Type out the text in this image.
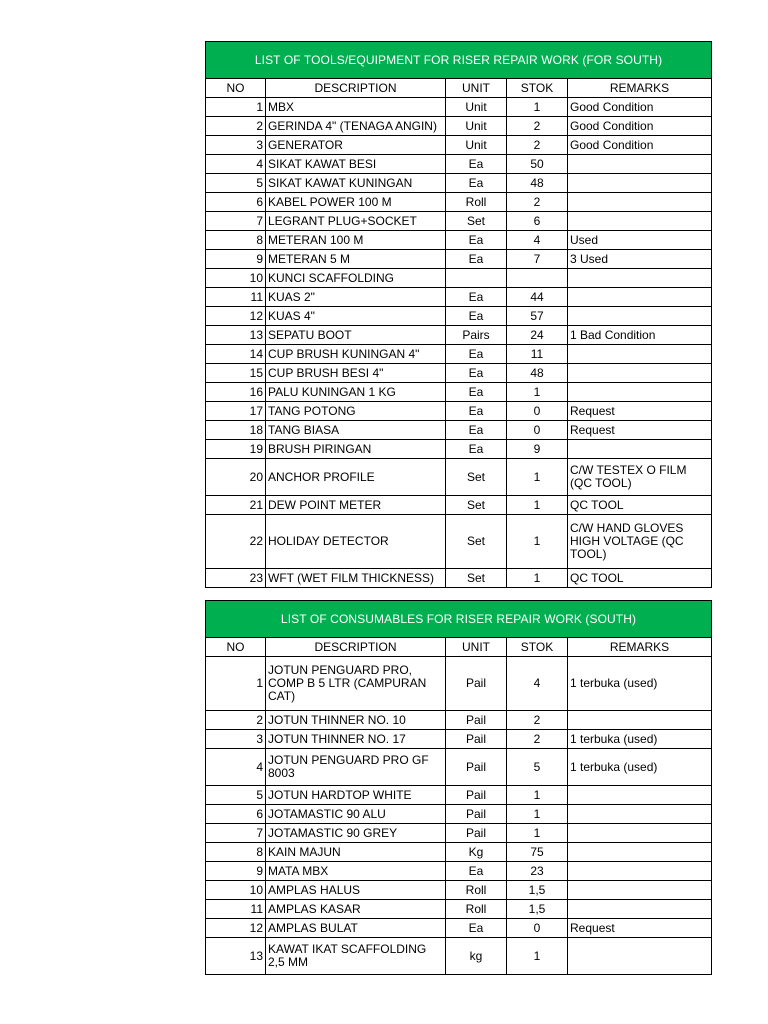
LIST OF TOOLS/EQUIPMENT FOR RISER REPAIR WORK (FOR SOUTH)				
NO	DESCRIPTION	UNIT	STOK	REMARKS
1	MBX	Unit	1	Good Condition
2	GERINDA 4" (TENAGA ANGIN)	Unit	2	Good Condition
3	GENERATOR	Unit	2	Good Condition
4	SIKAT KAWAT BESI	Ea	50	
5	SIKAT KAWAT KUNINGAN	Ea	48	
6	KABEL POWER 100 M	Roll	2	
7	LEGRANT PLUG+SOCKET	Set	6	
8	METERAN 100 M	Ea	4	Used
9	METERAN 5 M	Ea	7	3 Used
10	KUNCI SCAFFOLDING			
11	KUAS 2"	Ea	44	
12	KUAS 4"	Ea	57	
13	SEPATU BOOT	Pairs	24	1 Bad Condition
14	CUP BRUSH KUNINGAN 4"	Ea	11	
15	CUP BRUSH BESI 4"	Ea	48	
16	PALU KUNINGAN 1 KG	Ea	1	
17	TANG POTONG	Ea	0	Request
18	TANG BIASA	Ea	0	Request
19	BRUSH PIRINGAN	Ea	9	
20	ANCHOR PROFILE	Set	1	C/W TESTEX O FILM (QC TOOL)
21	DEW POINT METER	Set	1	QC TOOL
22	HOLIDAY DETECTOR	Set	1	C/W HAND GLOVES HIGH VOLTAGE (QC TOOL)
23	WFT (WET FILM THICKNESS)	Set	1	QC TOOL
LIST OF CONSUMABLES FOR RISER REPAIR WORK (SOUTH)				
NO	DESCRIPTION	UNIT	STOK	REMARKS
1	JOTUN PENGUARD PRO, COMP B 5 LTR (CAMPURAN CAT)	Pail	4	1 terbuka (used)
2	JOTUN THINNER NO. 10	Pail	2	
3	JOTUN THINNER NO. 17	Pail	2	1 terbuka (used)
4	JOTUN PENGUARD PRO GF 8003	Pail	5	1 terbuka (used)
5	JOTUN HARDTOP WHITE	Pail	1	
6	JOTAMASTIC 90 ALU	Pail	1	
7	JOTAMASTIC 90 GREY	Pail	1	
8	KAIN MAJUN	Kg	75	
9	MATA MBX	Ea	23	
10	AMPLAS HALUS	Roll	1,5	
11	AMPLAS KASAR	Roll	1,5	
12	AMPLAS BULAT	Ea	0	Request
13	KAWAT IKAT SCAFFOLDING 2,5 MM	kg	1	
